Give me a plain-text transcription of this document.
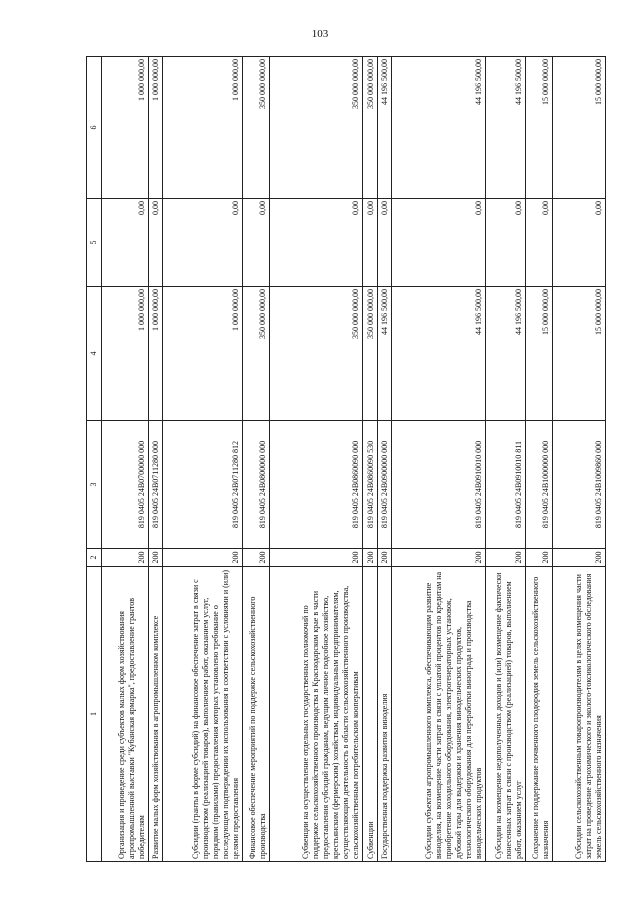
103
1	2	3	4	5	6
Организация и проведение среди субъектов малых форм хозяйствования агропромышленной выставки "Кубанская ярмарка", предоставление грантов победителям	200	819 0405 24B0700000 000	1 000 000,00	0,00	1 000 000,00
Развитие малых форм хозяйствования в агропромышленном комплексе	200	819 0405 24B0711280 000	1 000 000,00	0,00	1 000 000,00
Субсидии (гранты в форме субсидий) на финансовое обеспечение затрат в связи с производством (реализацией товаров), выполнением работ, оказанием услуг, порядком (правилами) предоставления которых установлено требование о последующем подтверждении их использования в соответствии с условиями и (или) целями предоставления	200	819 0405 24B0711280 812	1 000 000,00	0,00	1 000 000,00
Финансовое обеспечение мероприятий по поддержке сельскохозяйственного производства	200	819 0405 24B0800000 000	350 000 000,00	0,00	350 000 000,00
Субвенции на осуществление отдельных государственных полномочий по поддержке сельскохозяйственного производства в Краснодарском крае в части предоставления субсидий гражданам, ведущим личное подсобное хозяйство, крестьянским (фермерским) хозяйствам, индивидуальным предпринимателям, осуществляющим деятельность в области сельскохозяйственного производства, сельскохозяйственным потребительским кооперативам	200	819 0405 24B0860090 000	350 000 000,00	0,00	350 000 000,00
Субвенции	200	819 0405 24B0860090 530	350 000 000,00	0,00	350 000 000,00
Государственная поддержка развития виноделия	200	819 0405 24B0900000 000	44 196 500,00	0,00	44 196 500,00
Субсидии субъектам агропромышленного комплекса, обеспечивающим развитие виноделия, на возмещение части затрат в связи с уплатой процентов по кредитам на приобретение холодильного оборудования, электрогенераторных установок, дубовой тары для выдержки и хранения винодельческих продуктов, технологического оборудования для переработки винограда и производства винодельческих продуктов	200	819 0405 24B0910010 000	44 196 500,00	0,00	44 196 500,00
Субсидии на возмещение недополученных доходов и (или) возмещение фактически понесенных затрат в связи с производством (реализацией) товаров, выполнением работ, оказанием услуг	200	819 0405 24B0910010 811	44 196 500,00	0,00	44 196 500,00
Сохранение и поддержание почвенного плодородия земель сельскохозяйственного назначения	200	819 0405 24B1000000 000	15 000 000,00	0,00	15 000 000,00
Субсидии сельскохозяйственным товаропроизводителям в целях возмещения части затрат на проведение агрохимического и эколого-токсикологического обследования земель сельскохозяйственного назначения	200	819 0405 24B1009860 000	15 000 000,00	0,00	15 000 000,00
